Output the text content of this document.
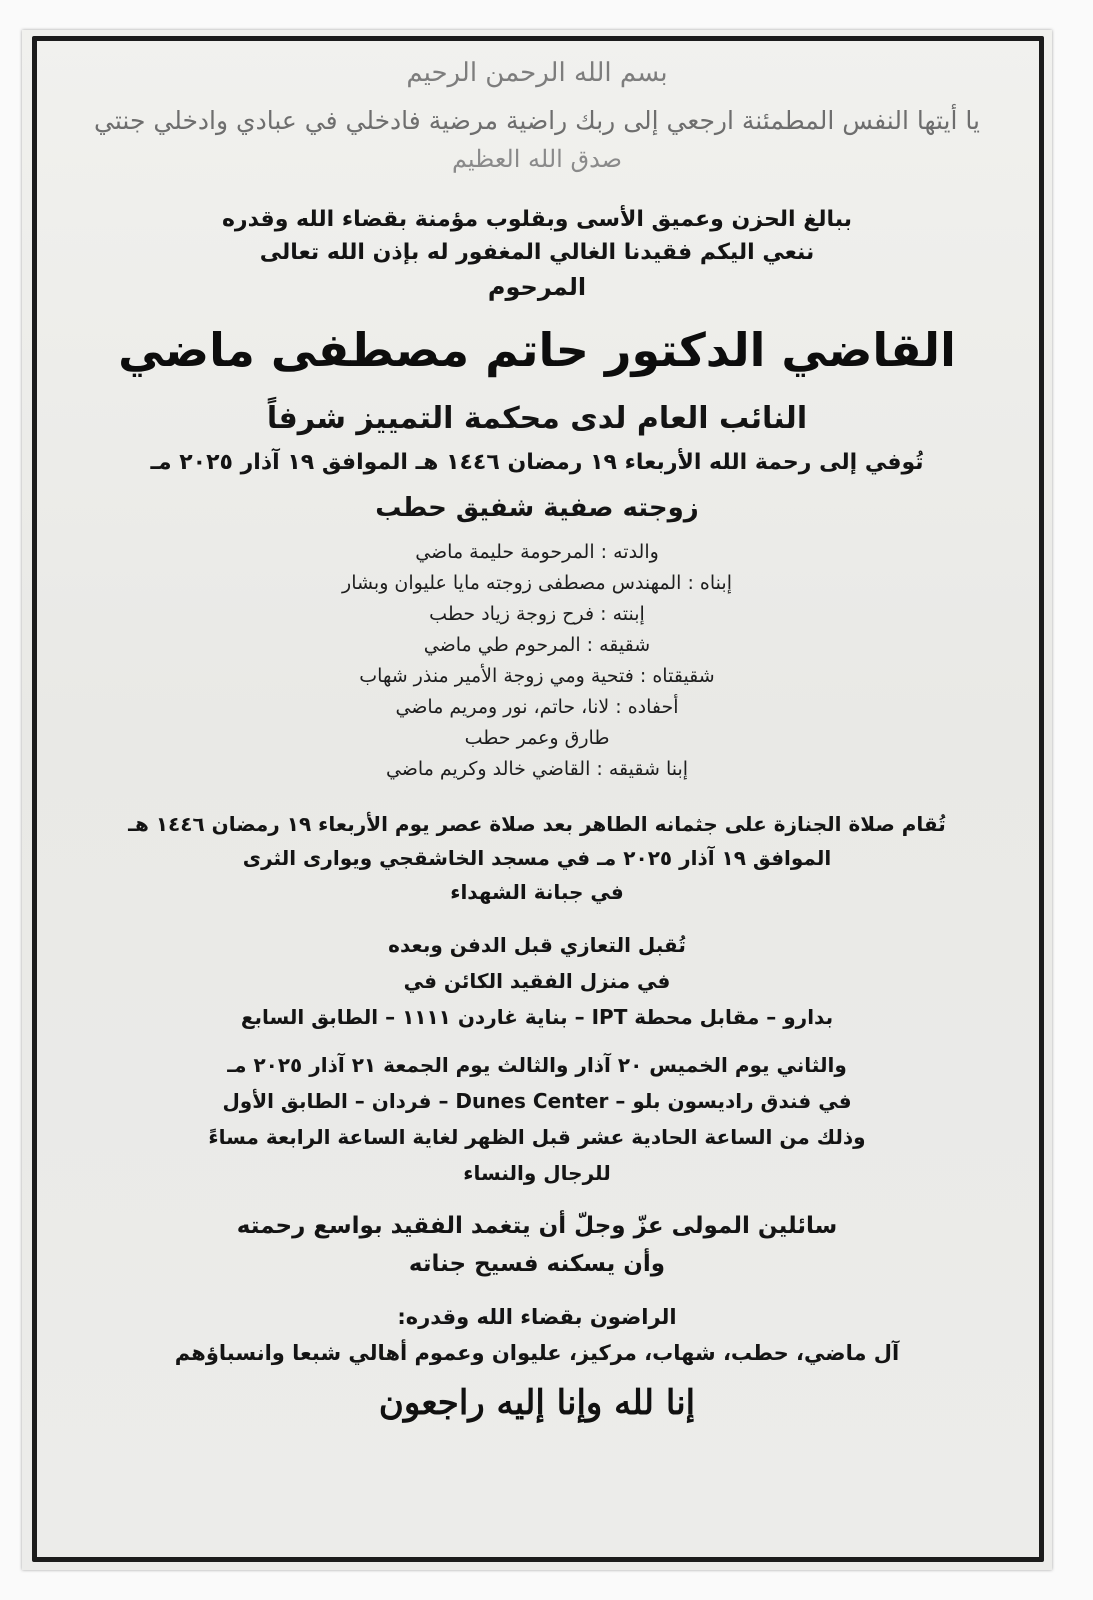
بسم الله الرحمن الرحيم

يا أيتها النفس المطمئنة ارجعي إلى ربك راضية مرضية فادخلي في عبادي وادخلي جنتي

صدق الله العظيم

ببالغ الحزن وعميق الأسى وبقلوب مؤمنة بقضاء الله وقدره

ننعي اليكم فقيدنا الغالي المغفور له بإذن الله تعالى

المرحوم

القاضي الدكتور حاتم مصطفى ماضي

النائب العام لدى محكمة التمييز شرفاً

تُوفي إلى رحمة الله الأربعاء ١٩ رمضان ١٤٤٦ هـ الموافق ١٩ آذار ٢٠٢٥ مـ

زوجته صفية شفيق حطب

والدته : المرحومة حليمة ماضي

إبناه : المهندس مصطفى زوجته مايا عليوان وبشار

إبنته : فرح زوجة زياد حطب

شقيقه : المرحوم طي ماضي

شقيقتاه : فتحية ومي زوجة الأمير منذر شهاب

أحفاده : لانا، حاتم، نور ومريم ماضي

طارق وعمر حطب

إبنا شقيقه : القاضي خالد وكريم ماضي

تُقام صلاة الجنازة على جثمانه الطاهر بعد صلاة عصر يوم الأربعاء ١٩ رمضان ١٤٤٦ هـ

الموافق ١٩ آذار ٢٠٢٥ مـ في مسجد الخاشقجي ويوارى الثرى

في جبانة الشهداء

تُقبل التعازي قبل الدفن وبعده

في منزل الفقيد الكائن في

بدارو – مقابل محطة IPT – بناية غاردن ١١١١ – الطابق السابع

والثاني يوم الخميس ٢٠ آذار والثالث يوم الجمعة ٢١ آذار ٢٠٢٥ مـ

في فندق راديسون بلو – Dunes Center – فردان – الطابق الأول

وذلك من الساعة الحادية عشر قبل الظهر لغاية الساعة الرابعة مساءً

للرجال والنساء

سائلين المولى عزّ وجلّ أن يتغمد الفقيد بواسع رحمته

وأن يسكنه فسيح جناته

الراضون بقضاء الله وقدره:

آل ماضي، حطب، شهاب، مركيز، عليوان وعموم أهالي شبعا وانسباؤهم

إنا لله وإنا إليه راجعون
